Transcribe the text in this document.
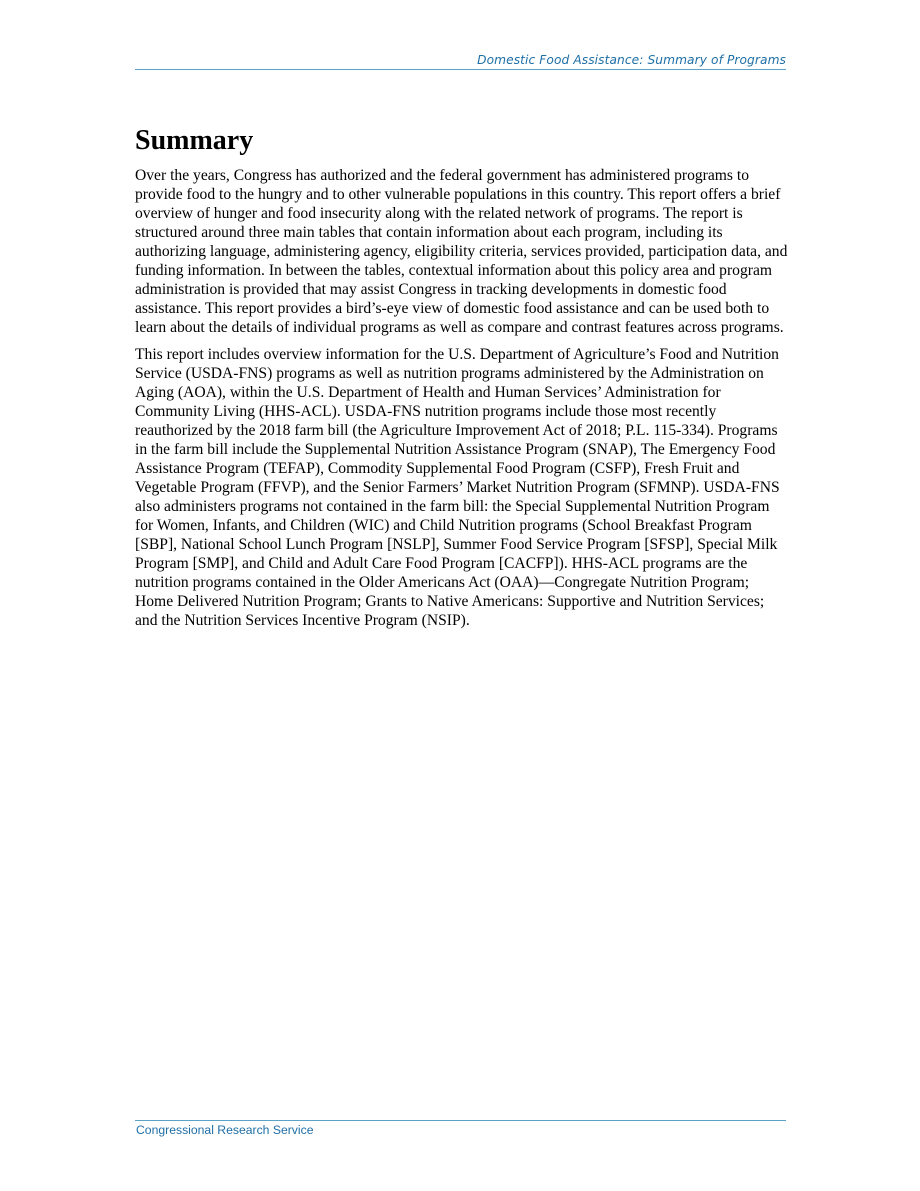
Domestic Food Assistance: Summary of Programs
Summary

Over the years, Congress has authorized and the federal government has administered programs to provide food to the hungry and to other vulnerable populations in this country. This report offers a brief overview of hunger and food insecurity along with the related network of programs. The report is structured around three main tables that contain information about each program, including its authorizing language, administering agency, eligibility criteria, services provided, participation data, and funding information. In between the tables, contextual information about this policy area and program administration is provided that may assist Congress in tracking developments in domestic food assistance. This report provides a bird’s-eye view of domestic food assistance and can be used both to learn about the details of individual programs as well as compare and contrast features across programs.

This report includes overview information for the U.S. Department of Agriculture’s Food and Nutrition Service (USDA-FNS) programs as well as nutrition programs administered by the Administration on Aging (AOA), within the U.S. Department of Health and Human Services’ Administration for Community Living (HHS-ACL). USDA-FNS nutrition programs include those most recently reauthorized by the 2018 farm bill (the Agriculture Improvement Act of 2018; P.L. 115-334). Programs in the farm bill include the Supplemental Nutrition Assistance Program (SNAP), The Emergency Food Assistance Program (TEFAP), Commodity Supplemental Food Program (CSFP), Fresh Fruit and Vegetable Program (FFVP), and the Senior Farmers’ Market Nutrition Program (SFMNP). USDA-FNS also administers programs not contained in the farm bill: the Special Supplemental Nutrition Program for Women, Infants, and Children (WIC) and Child Nutrition programs (School Breakfast Program [SBP], National School Lunch Program [NSLP], Summer Food Service Program [SFSP], Special Milk Program [SMP], and Child and Adult Care Food Program [CACFP]). HHS-ACL programs are the nutrition programs contained in the Older Americans Act (OAA)—Congregate Nutrition Program; Home Delivered Nutrition Program; Grants to Native Americans: Supportive and Nutrition Services; and the Nutrition Services Incentive Program (NSIP).

Congressional Research Service
